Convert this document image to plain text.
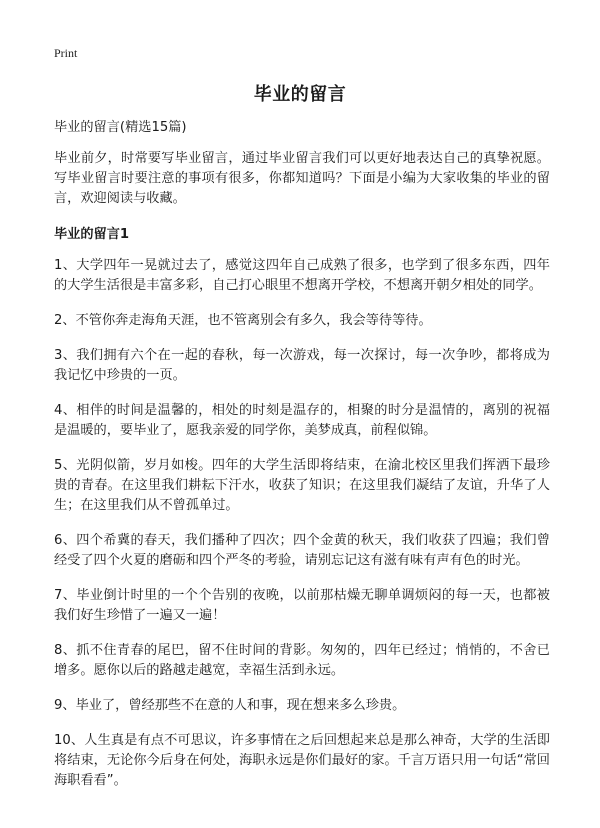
Print
毕业的留言

毕业的留言(精选15篇)

毕业前夕，时常要写毕业留言，通过毕业留言我们可以更好地表达自己的真挚祝愿。写毕业留言时要注意的事项有很多，你都知道吗？下面是小编为大家收集的毕业的留言，欢迎阅读与收藏。

毕业的留言1

1、大学四年一晃就过去了，感觉这四年自己成熟了很多，也学到了很多东西，四年的大学生活很是丰富多彩，自己打心眼里不想离开学校，不想离开朝夕相处的同学。

2、不管你奔走海角天涯，也不管离别会有多久，我会等待等待。

3、我们拥有六个在一起的春秋，每一次游戏，每一次探讨，每一次争吵，都将成为我记忆中珍贵的一页。

4、相伴的时间是温馨的，相处的时刻是温存的，相聚的时分是温情的，离别的祝福是温暖的，要毕业了，愿我亲爱的同学你，美梦成真，前程似锦。

5、光阴似箭，岁月如梭。四年的大学生活即将结束，在渝北校区里我们挥洒下最珍贵的青春。在这里我们耕耘下汗水，收获了知识；在这里我们凝结了友谊，升华了人生；在这里我们从不曾孤单过。

6、四个希冀的春天，我们播种了四次；四个金黄的秋天，我们收获了四遍；我们曾经受了四个火夏的磨砺和四个严冬的考验，请别忘记这有滋有味有声有色的时光。

7、毕业倒计时里的一个个告别的夜晚，以前那枯燥无聊单调烦闷的每一天，也都被我们好生珍惜了一遍又一遍！

8、抓不住青春的尾巴，留不住时间的背影。匆匆的，四年已经过；悄悄的，不舍已增多。愿你以后的路越走越宽，幸福生活到永远。

9、毕业了，曾经那些不在意的人和事，现在想来多么珍贵。

10、人生真是有点不可思议，许多事情在之后回想起来总是那么神奇，大学的生活即将结束，无论你今后身在何处，海职永远是你们最好的家。千言万语只用一句话“常回海职看看”。
